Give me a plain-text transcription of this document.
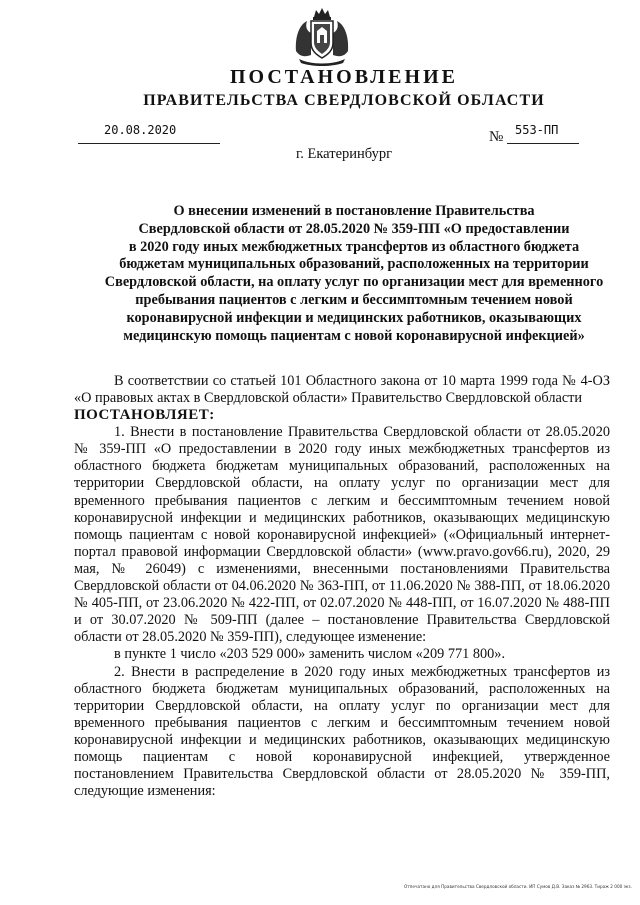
ПОСТАНОВЛЕНИЕ
ПРАВИТЕЛЬСТВА СВЕРДЛОВСКОЙ ОБЛАСТИ
20.08.2020	№ 553-ПП
г. Екатеринбург
О внесении изменений в постановление Правительства
Свердловской области от 28.05.2020 № 359-ПП «О предоставлении
в 2020 году иных межбюджетных трансфертов из областного бюджета
бюджетам муниципальных образований, расположенных на территории
Свердловской области, на оплату услуг по организации мест для временного
пребывания пациентов с легким и бессимптомным течением новой
коронавирусной инфекции и медицинских работников, оказывающих
медицинскую помощь пациентам с новой коронавирусной инфекцией»

В соответствии со статьей 101 Областного закона от 10 марта 1999 года № 4-ОЗ «О правовых актах в Свердловской области» Правительство Свердловской области

ПОСТАНОВЛЯЕТ:

1. Внести в постановление Правительства Свердловской области от 28.05.2020 № 359-ПП «О предоставлении в 2020 году иных межбюджетных трансфертов из областного бюджета бюджетам муниципальных образований, расположенных на территории Свердловской области, на оплату услуг по организации мест для временного пребывания пациентов с легким и бессимптомным течением новой коронавирусной инфекции и медицинских работников, оказывающих медицинскую помощь пациентам с новой коронавирусной инфекцией» («Официальный интернет-портал правовой информации Свердловской области» (www.pravo.gov66.ru), 2020, 29 мая, № 26049) с изменениями, внесенными постановлениями Правительства Свердловской области от 04.06.2020 № 363-ПП, от 11.06.2020 № 388-ПП, от 18.06.2020 № 405-ПП, от 23.06.2020 № 422-ПП, от 02.07.2020 № 448-ПП, от 16.07.2020 № 488-ПП и от 30.07.2020 № 509-ПП (далее – постановление Правительства Свердловской области от 28.05.2020 № 359-ПП), следующее изменение:

в пункте 1 число «203 529 000» заменить числом «209 771 800».

2. Внести в распределение в 2020 году иных межбюджетных трансфертов из областного бюджета бюджетам муниципальных образований, расположенных на территории Свердловской области, на оплату услуг по организации мест для временного пребывания пациентов с легким и бессимптомным течением новой коронавирусной инфекции и медицинских работников, оказывающих медицинскую помощь пациентам с новой коронавирусной инфекцией, утвержденное постановлением Правительства Свердловской области от 28.05.2020 № 359-ПП, следующие изменения:

Отпечатано для Правительства Свердловской области. ИП Сумов Д.В. Заказ № 2963. Тираж 2 000 экз.
